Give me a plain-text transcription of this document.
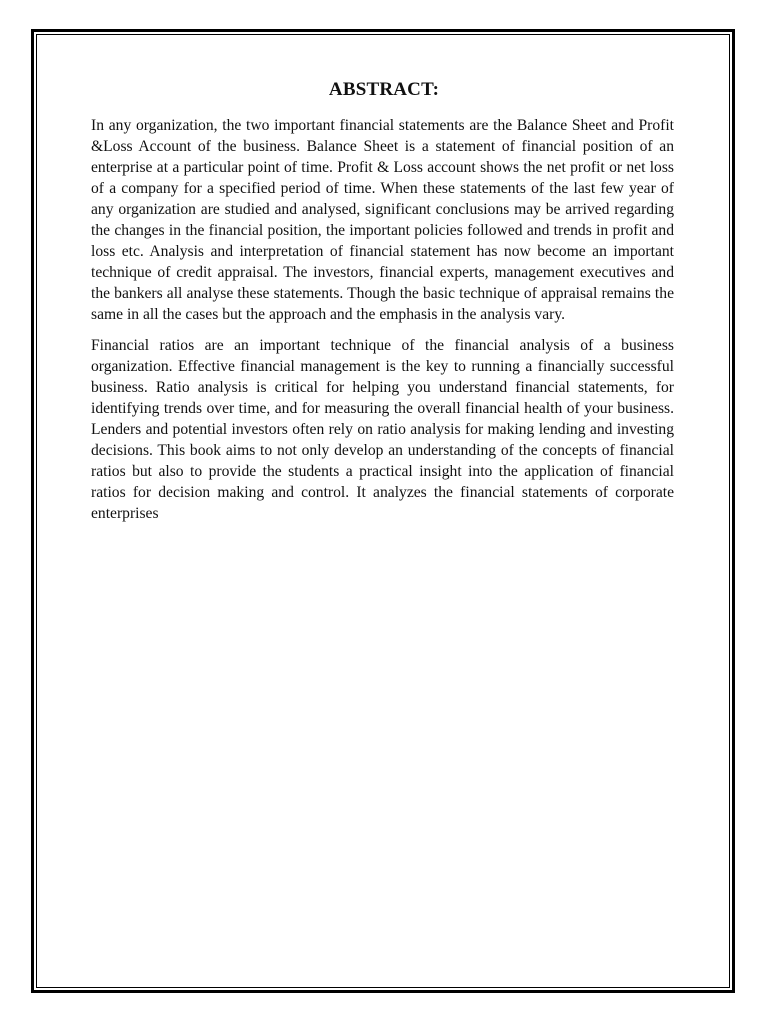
ABSTRACT:

In any organization, the two important financial statements are the Balance Sheet and Profit &Loss Account of the business. Balance Sheet is a statement of financial position of an enterprise at a particular point of time. Profit & Loss account shows the net profit or net loss of a company for a specified period of time. When these statements of the last few year of any organization are studied and analysed, significant conclusions may be arrived regarding the changes in the financial position, the important policies followed and trends in profit and loss etc. Analysis and interpretation of financial statement has now become an important technique of credit appraisal. The investors, financial experts, management executives and the bankers all analyse these statements. Though the basic technique of appraisal remains the same in all the cases but the approach and the emphasis in the analysis vary.

Financial ratios are an important technique of the financial analysis of a business organization. Effective financial management is the key to running a financially successful business. Ratio analysis is critical for helping you understand financial statements, for identifying trends over time, and for measuring the overall financial health of your business. Lenders and potential investors often rely on ratio analysis for making lending and investing decisions. This book aims to not only develop an understanding of the concepts of financial ratios but also to provide the students a practical insight into the application of financial ratios for decision making and control. It analyzes the financial statements of corporate enterprises
